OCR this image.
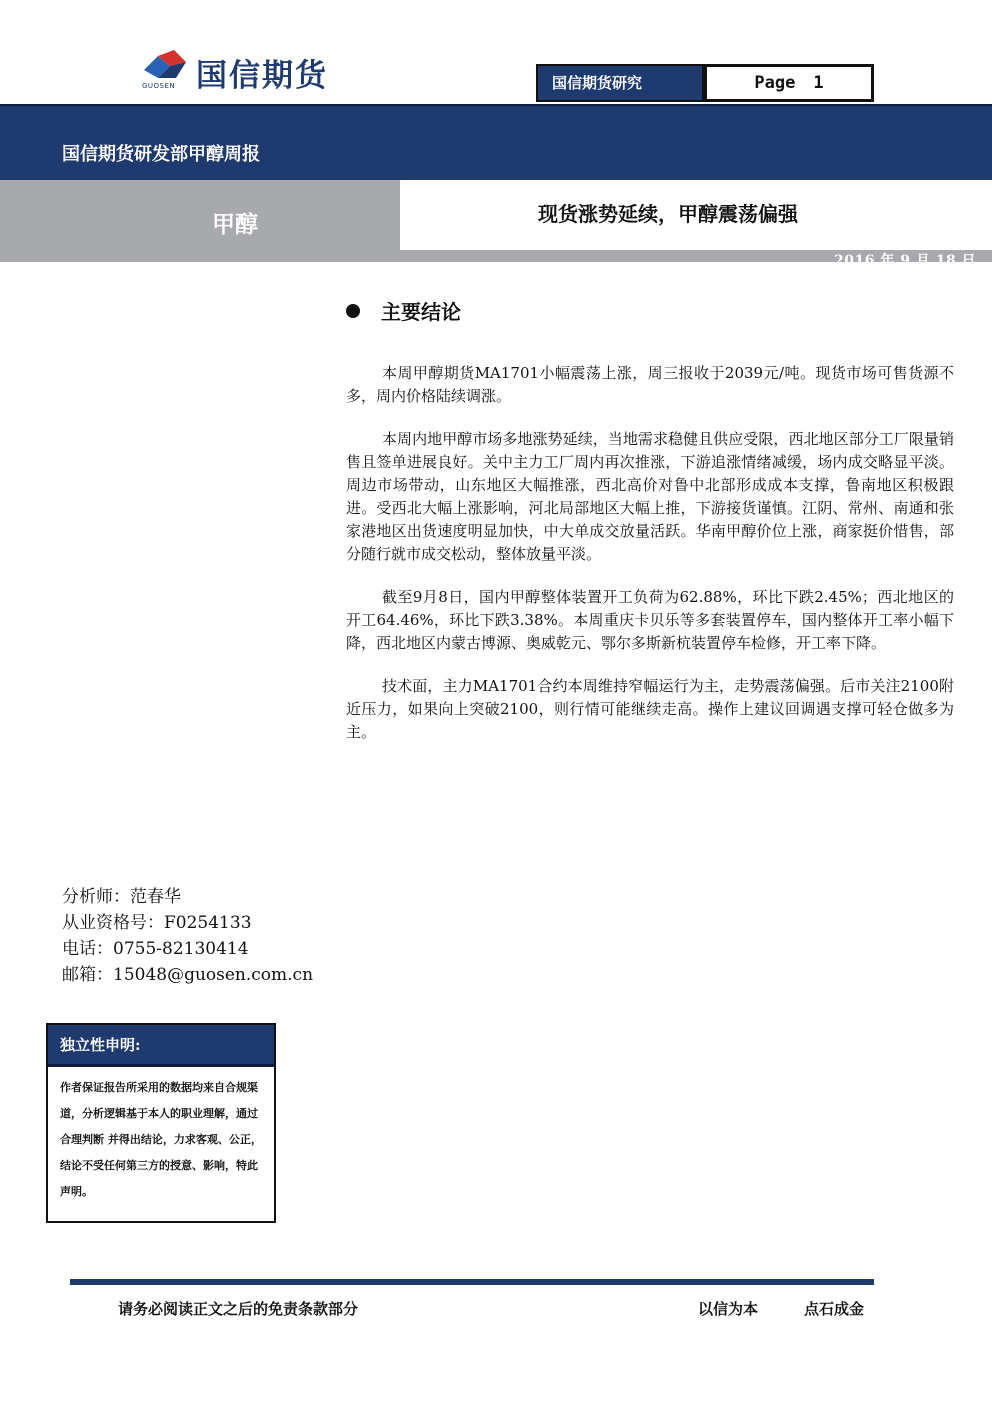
国信期货
GUOSEN	国信期货研究	Page 1
国信期货研发部甲醇周报
甲醇	现货涨势延续，甲醇震荡偏强
2016 年 9 月 18 日
主要结论

本周甲醇期货MA1701小幅震荡上涨，周三报收于2039元/吨。现货市场可售货源不多，周内价格陆续调涨。

本周内地甲醇市场多地涨势延续，当地需求稳健且供应受限，西北地区部分工厂限量销售且签单进展良好。关中主力工厂周内再次推涨，下游追涨情绪减缓，场内成交略显平淡。周边市场带动，山东地区大幅推涨，西北高价对鲁中北部形成成本支撑，鲁南地区积极跟进。受西北大幅上涨影响，河北局部地区大幅上推，下游接货谨慎。江阴、常州、南通和张家港地区出货速度明显加快，中大单成交放量活跃。华南甲醇价位上涨，商家挺价惜售，部分随行就市成交松动，整体放量平淡。

截至9月8日，国内甲醇整体装置开工负荷为62.88%，环比下跌2.45%；西北地区的开工64.46%，环比下跌3.38%。本周重庆卡贝乐等多套装置停车，国内整体开工率小幅下降，西北地区内蒙古博源、奥威乾元、鄂尔多斯新杭装置停车检修，开工率下降。

技术面，主力MA1701合约本周维持窄幅运行为主，走势震荡偏强。后市关注2100附近压力，如果向上突破2100，则行情可能继续走高。操作上建议回调遇支撑可轻仓做多为主。

分析师：范春华
从业资格号：F0254133
电话：0755-82130414
邮箱：15048@guosen.com.cn
独立性申明:
作者保证报告所采用的数据均来自合规渠道，分析逻辑基于本人的职业理解，通过合理判断 并得出结论，力求客观、公正，结论不受任何第三方的授意、影响，特此声明。
请务必阅读正文之后的免责条款部分	以信为本	点石成金
